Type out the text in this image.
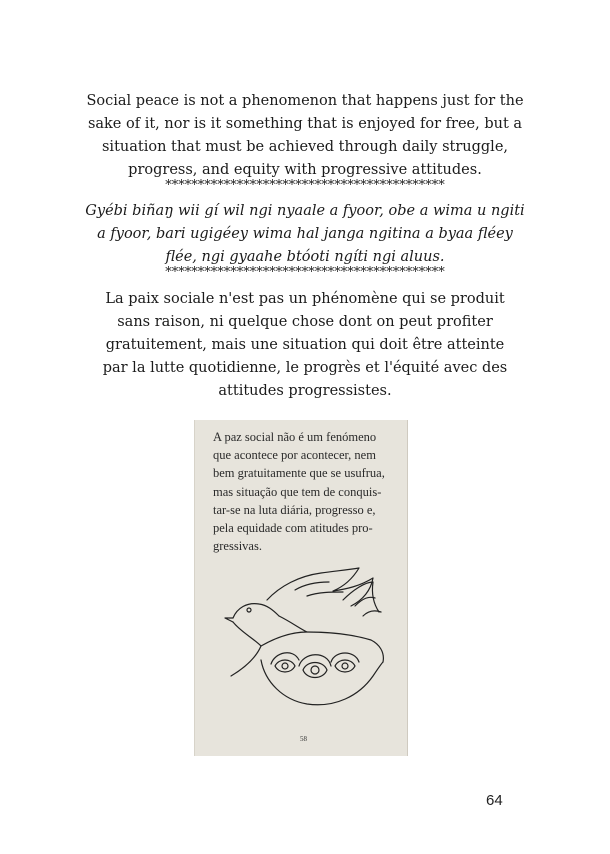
Social peace is not a phenomenon that happens just for the
sake of it, nor is it something that is enjoyed for free, but a
situation that must be achieved through daily struggle,
progress, and equity with progressive attitudes.
*******************************************
Gyébi biñaŋ wii gí wil ngi nyaale a fyoor, obe a wima u ngiti
a fyoor, bari ugigéey wima hal janga ngitina a byaa fléey
flée, ngi gyaahe btóoti ngíti ngi aluus.
*******************************************
La paix sociale n'est pas un phénomène qui se produit
sans raison, ni quelque chose dont on peut profiter
gratuitement, mais une situation qui doit être atteinte
par la lutte quotidienne, le progrès et l'équité avec des
attitudes progressistes.
A paz social não é um fenómeno
que acontece por acontecer, nem
bem gratuitamente que se usufrua,
mas situação que tem de conquis-
tar-se na luta diária, progresso e,
pela equidade com atitudes pro-
gressivas.
58
64
